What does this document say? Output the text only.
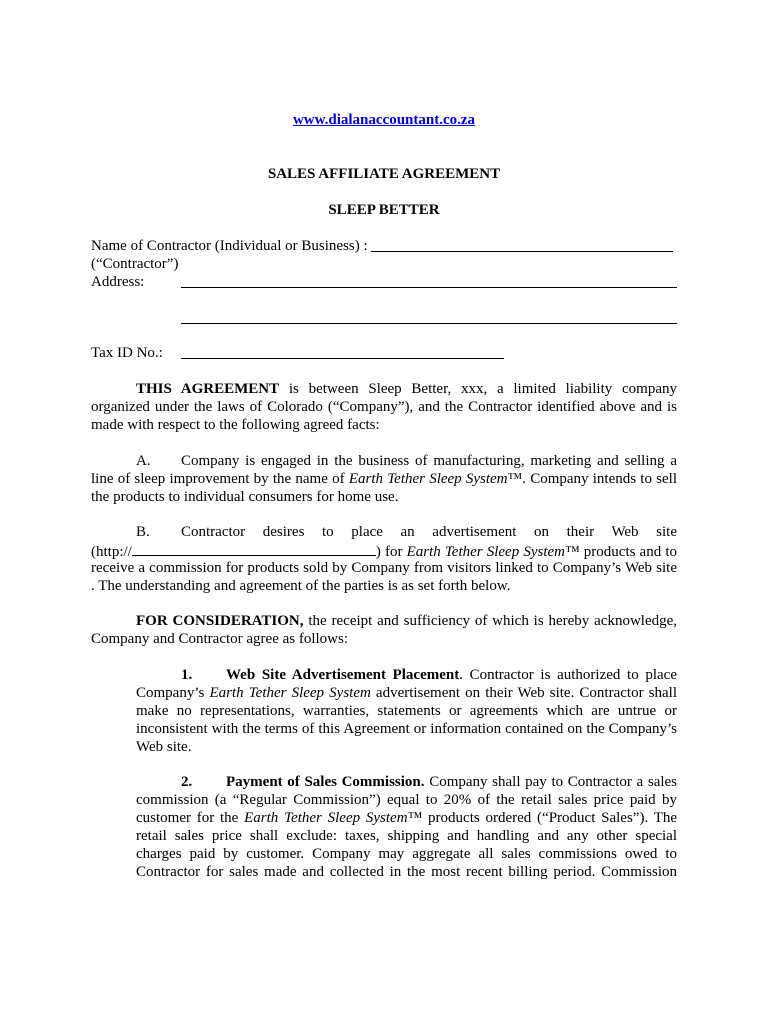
www.dialanaccountant.co.za
SALES AFFILIATE AGREEMENT
SLEEP BETTER
Name of Contractor (Individual or Business) :
(“Contractor”)
Address:
Tax ID No.:
THIS AGREEMENT is between Sleep Better, xxx, a limited liability company
organized under the laws of Colorado (“Company”), and the Contractor identified above and is
made with respect to the following agreed facts:
A. Company is engaged in the business of manufacturing, marketing and selling a
line of sleep improvement by the name of Earth Tether Sleep System™. Company intends to sell
the products to individual consumers for home use.
B. Contractor desires to place an advertisement on their Web site
(http://	) for Earth Tether Sleep System™ products and to
receive a commission for products sold by Company from visitors linked to Company’s Web site
. The understanding and agreement of the parties is as set forth below.
FOR CONSIDERATION, the receipt and sufficiency of which is hereby acknowledge,
Company and Contractor agree as follows:
1. Web Site Advertisement Placement. Contractor is authorized to place
Company’s Earth Tether Sleep System advertisement on their Web site. Contractor shall
make no representations, warranties, statements or agreements which are untrue or
inconsistent with the terms of this Agreement or information contained on the Company’s
Web site.
2. Payment of Sales Commission. Company shall pay to Contractor a sales
commission (a “Regular Commission”) equal to 20% of the retail sales price paid by
customer for the Earth Tether Sleep System™ products ordered (“Product Sales”). The
retail sales price shall exclude: taxes, shipping and handling and any other special
charges paid by customer. Company may aggregate all sales commissions owed to
Contractor for sales made and collected in the most recent billing period. Commission
